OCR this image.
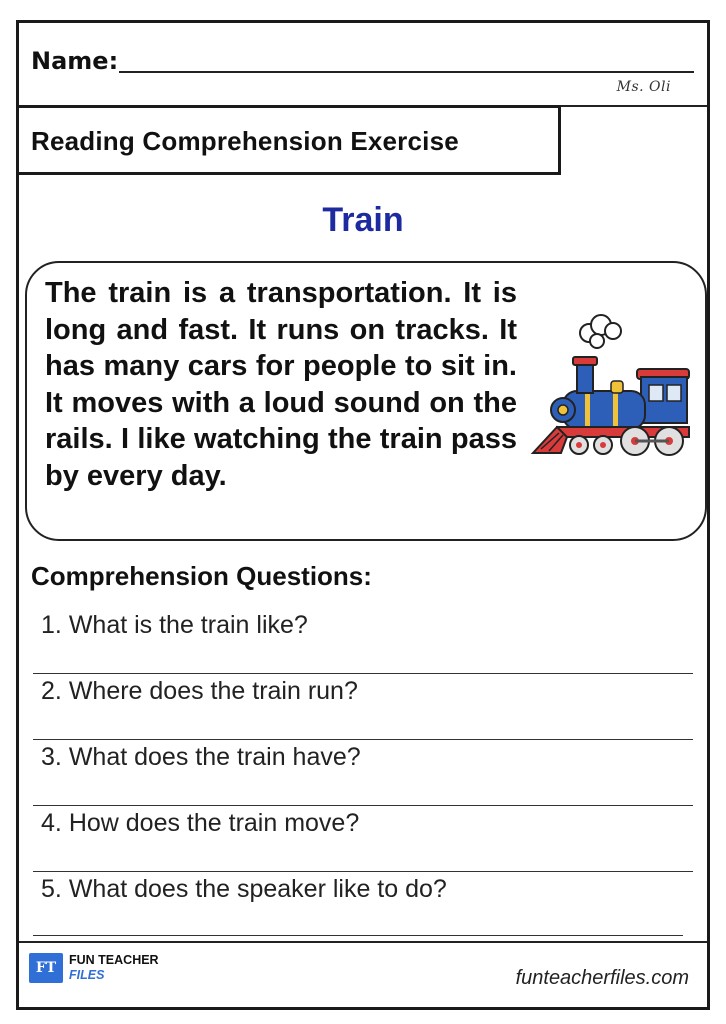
Name:
Ms. Oli
Reading Comprehension Exercise
Train
The train is a transportation. It is long and fast. It runs on tracks. It has many cars for people to sit in. It moves with a loud sound on the rails. I like watching the train pass by every day.
Comprehension Questions:
1. What is the train like?
2. Where does the train run?
3. What does the train have?
4. How does the train move?
5. What does the speaker like to do?
FT	FUN TEACHER
FILES	funteacherfiles.com
